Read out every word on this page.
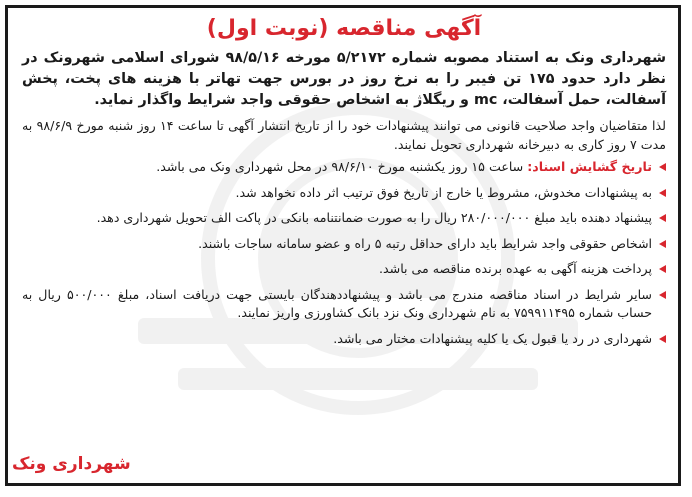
آگهی مناقصه (نوبت اول)

شهرداری ونک به استناد مصوبه شماره ۵/۲۱۷۲ مورخه ۹۸/۵/۱۶ شورای اسلامی شهرونک در نظر دارد حدود ۱۷۵ تن فیبر را به نرخ روز در بورس جهت تهاتر با هزینه های پخت، پخش آسفالت، حمل آسفالت، mc و ریگلاژ به اشخاص حقوقی واجد شرایط واگذار نماید.

لذا متقاضیان واجد صلاحیت قانونی می توانند پیشنهادات خود را از تاریخ انتشار آگهی تا ساعت ۱۴ روز شنبه مورخ ۹۸/۶/۹ به مدت ۷ روز کاری به دبیرخانه شهرداری تحویل نمایند.

تاریخ گشایش اسناد: ساعت ۱۵ روز یکشنبه مورخ ۹۸/۶/۱۰ در محل شهرداری ونک می باشد.
به پیشنهادات مخدوش، مشروط یا خارج از تاریخ فوق ترتیب اثر داده نخواهد شد.
پیشنهاد دهنده باید مبلغ ۲۸۰/۰۰۰/۰۰۰ ریال را به صورت ضمانتنامه بانکی در پاکت الف تحویل شهرداری دهد.
اشخاص حقوقی واجد شرایط باید دارای حداقل رتبه ۵ راه و عضو سامانه ساجات باشند.
پرداخت هزینه آگهی به عهده برنده مناقصه می باشد.
سایر شرایط در اسناد مناقصه مندرج می باشد و پیشنهاددهندگان بایستی جهت دریافت اسناد، مبلغ ۵۰۰/۰۰۰ ریال به حساب شماره ۷۵۹۹۱۱۴۹۵ به نام شهرداری ونک نزد بانک کشاورزی واریز نمایند.
شهرداری در رد یا قبول یک یا کلیه پیشنهادات مختار می باشد.
شهرداری ونک
